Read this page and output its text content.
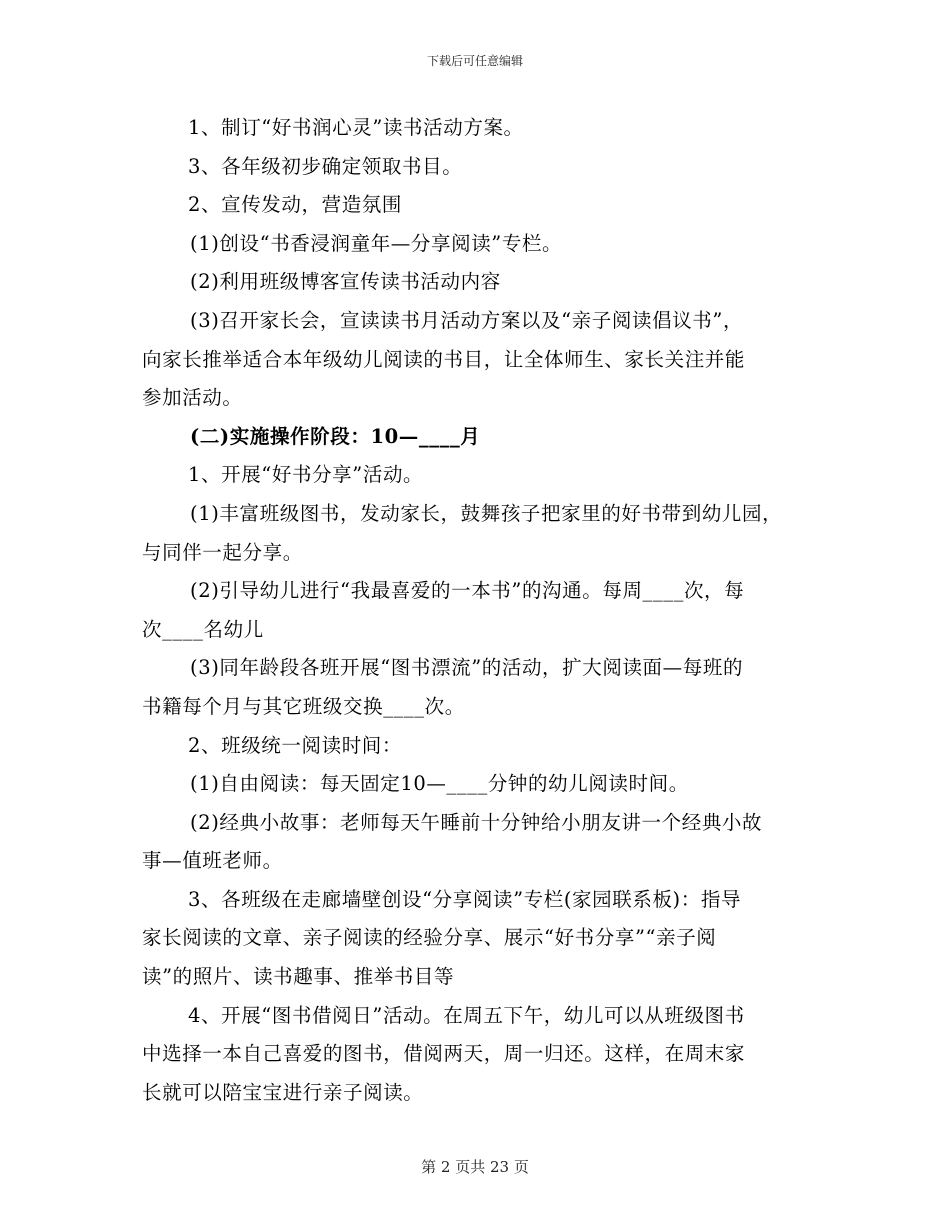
下载后可任意编辑
1、制订“好书润心灵”读书活动方案。
3、各年级初步确定领取书目。
2、宣传发动，营造氛围
(1)创设“书香浸润童年—分享阅读”专栏。
(2)利用班级博客宣传读书活动内容
(3)召开家长会，宣读读书月活动方案以及“亲子阅读倡议书”，
向家长推举适合本年级幼儿阅读的书目，让全体师生、家长关注并能
参加活动。
(二)实施操作阶段：10—____月
1、开展“好书分享”活动。
(1)丰富班级图书，发动家长，鼓舞孩子把家里的好书带到幼儿园，
与同伴一起分享。
(2)引导幼儿进行“我最喜爱的一本书”的沟通。每周____次，每
次____名幼儿
(3)同年龄段各班开展“图书漂流”的活动，扩大阅读面—每班的
书籍每个月与其它班级交换____次。
2、班级统一阅读时间：
(1)自由阅读：每天固定10—____分钟的幼儿阅读时间。
(2)经典小故事：老师每天午睡前十分钟给小朋友讲一个经典小故
事—值班老师。
3、各班级在走廊墙壁创设“分享阅读”专栏(家园联系板)：指导
家长阅读的文章、亲子阅读的经验分享、展示“好书分享”“亲子阅
读”的照片、读书趣事、推举书目等
4、开展“图书借阅日”活动。在周五下午，幼儿可以从班级图书
中选择一本自己喜爱的图书，借阅两天，周一归还。这样，在周末家
长就可以陪宝宝进行亲子阅读。
第 2 页共 23 页
